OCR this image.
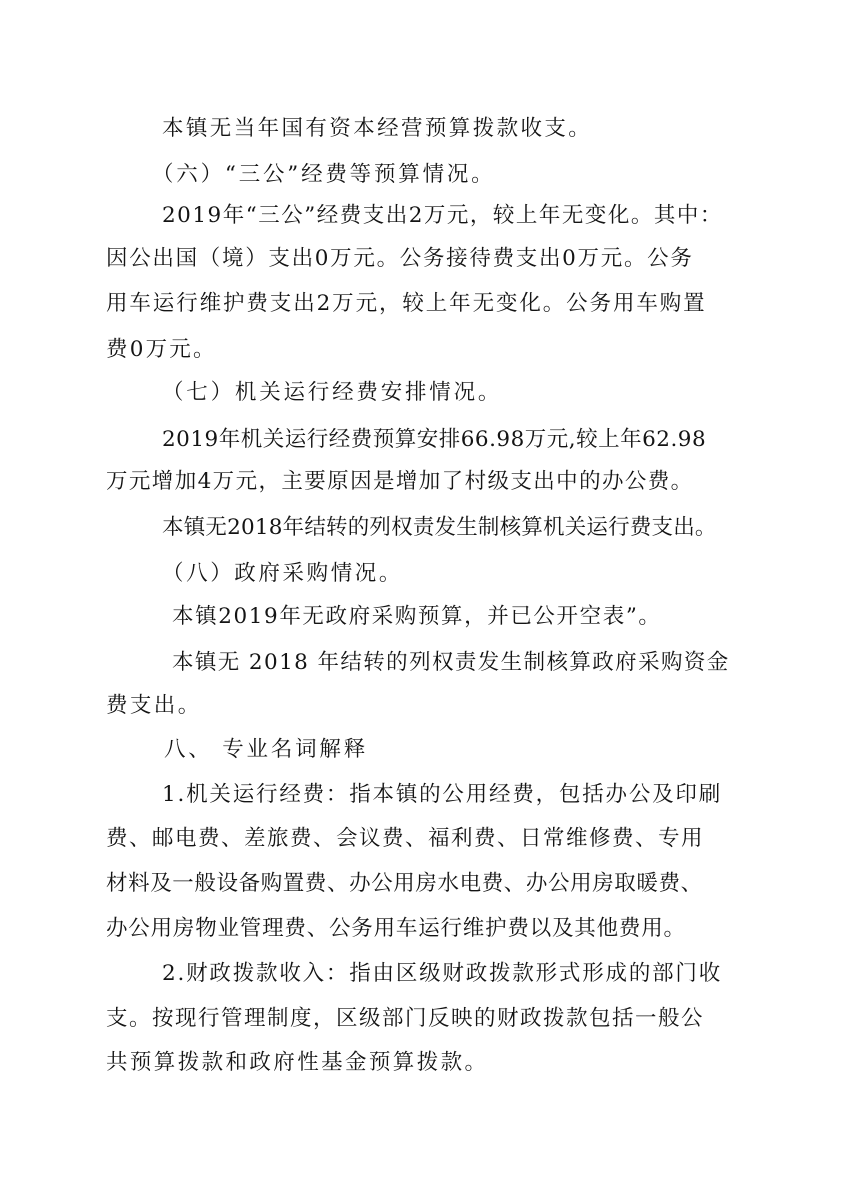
本镇无当年国有资本经营预算拨款收支。
（六）“三公”经费等预算情况。
2019年“三公”经费支出2万元，较上年无变化。其中：
因公出国（境）支出0万元。公务接待费支出0万元。公务
用车运行维护费支出2万元，较上年无变化。公务用车购置
费0万元。
（七）机关运行经费安排情况。
2019年机关运行经费预算安排66.98万元,较上年62.98
万元增加4万元，主要原因是增加了村级支出中的办公费。
本镇无2018年结转的列权责发生制核算机关运行费支出。
（八）政府采购情况。
本镇2019年无政府采购预算，并已公开空表”。
本镇无 2018 年结转的列权责发生制核算政府采购资金
费支出。
八、 专业名词解释
1.机关运行经费：指本镇的公用经费，包括办公及印刷
费、邮电费、差旅费、会议费、福利费、日常维修费、专用
材料及一般设备购置费、办公用房水电费、办公用房取暖费、
办公用房物业管理费、公务用车运行维护费以及其他费用。
2.财政拨款收入：指由区级财政拨款形式形成的部门收
支。按现行管理制度，区级部门反映的财政拨款包括一般公
共预算拨款和政府性基金预算拨款。
